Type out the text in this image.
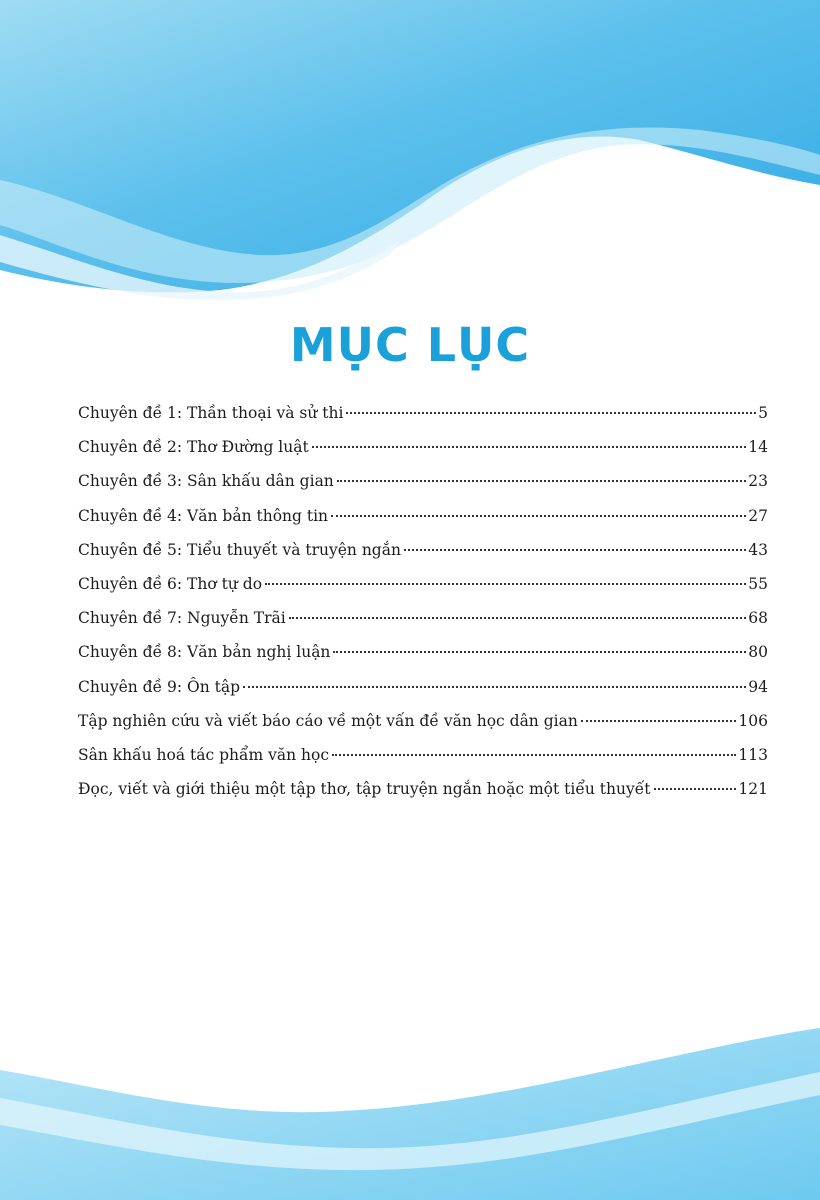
MỤC LỤC
Chuyên đề 1: Thần thoại và sử thi	5
Chuyên đề 2: Thơ Đường luật	14
Chuyên đề 3: Sân khấu dân gian	23
Chuyên đề 4: Văn bản thông tin	27
Chuyên đề 5: Tiểu thuyết và truyện ngắn	43
Chuyên đề 6: Thơ tự do	55
Chuyên đề 7: Nguyễn Trãi	68
Chuyên đề 8: Văn bản nghị luận	80
Chuyên đề 9: Ôn tập	94
Tập nghiên cứu và viết báo cáo về một vấn đề văn học dân gian	106
Sân khấu hoá tác phẩm văn học	113
Đọc, viết và giới thiệu một tập thơ, tập truyện ngắn hoặc một tiểu thuyết	121
